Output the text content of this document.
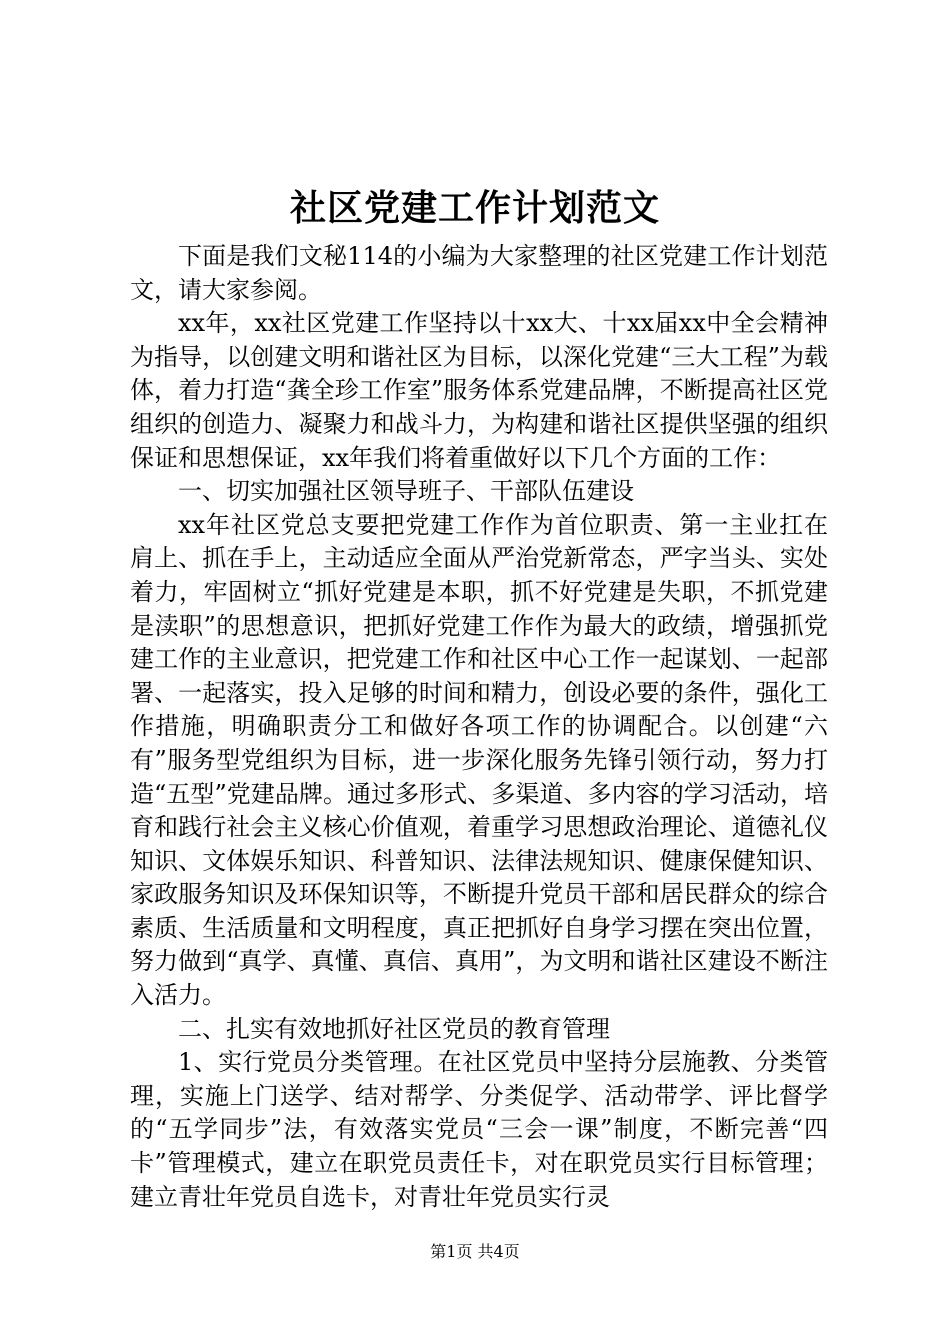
社区党建工作计划范文

下面是我们文秘114的小编为大家整理的社区党建工作计划范文，请大家参阅。

xx年，xx社区党建工作坚持以十xx大、十xx届xx中全会精神为指导，以创建文明和谐社区为目标，以深化党建“三大工程”为载体，着力打造“龚全珍工作室”服务体系党建品牌，不断提高社区党组织的创造力、凝聚力和战斗力，为构建和谐社区提供坚强的组织保证和思想保证，xx年我们将着重做好以下几个方面的工作：

一、切实加强社区领导班子、干部队伍建设

xx年社区党总支要把党建工作作为首位职责、第一主业扛在肩上、抓在手上，主动适应全面从严治党新常态，严字当头、实处着力，牢固树立“抓好党建是本职，抓不好党建是失职，不抓党建是渎职”的思想意识，把抓好党建工作作为最大的政绩，增强抓党建工作的主业意识，把党建工作和社区中心工作一起谋划、一起部署、一起落实，投入足够的时间和精力，创设必要的条件，强化工作措施，明确职责分工和做好各项工作的协调配合。以创建“六有”服务型党组织为目标，进一步深化服务先锋引领行动，努力打造“五型”党建品牌。通过多形式、多渠道、多内容的学习活动，培育和践行社会主义核心价值观，着重学习思想政治理论、道德礼仪知识、文体娱乐知识、科普知识、法律法规知识、健康保健知识、家政服务知识及环保知识等，不断提升党员干部和居民群众的综合素质、生活质量和文明程度，真正把抓好自身学习摆在突出位置，努力做到“真学、真懂、真信、真用”，为文明和谐社区建设不断注入活力。

二、扎实有效地抓好社区党员的教育管理

1、实行党员分类管理。在社区党员中坚持分层施教、分类管理，实施上门送学、结对帮学、分类促学、活动带学、评比督学的“五学同步”法，有效落实党员“三会一课”制度，不断完善“四卡”管理模式，建立在职党员责任卡，对在职党员实行目标管理；建立青壮年党员自选卡，对青壮年党员实行灵

第1页 共4页
